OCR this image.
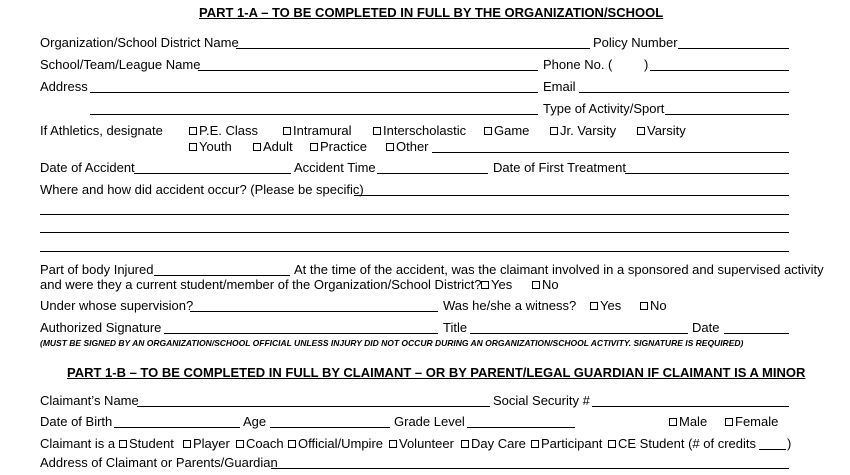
PART 1-A – TO BE COMPLETED IN FULL BY THE ORGANIZATION/SCHOOL
Organization/School District Name	Policy Number
School/Team/League Name	Phone No. ( )
Address	Email
Type of Activity/Sport
If Athletics, designate	P.E. Class	Intramural	Interscholastic	Game	Jr. Varsity	Varsity
Youth	Adult	Practice	Other
Date of Accident	Accident Time	Date of First Treatment
Where and how did accident occur? (Please be specific)
Part of body Injured	At the time of the accident, was the claimant involved in a sponsored and supervised activity
and were they a current student/member of the Organization/School District? Yes	No
Under whose supervision?	Was he/she a witness?	Yes	No
Authorized Signature	Title	Date
(MUST BE SIGNED BY AN ORGANIZATION/SCHOOL OFFICIAL UNLESS INJURY DID NOT OCCUR DURING AN ORGANIZATION/SCHOOL ACTIVITY. SIGNATURE IS REQUIRED)
PART 1-B – TO BE COMPLETED IN FULL BY CLAIMANT – OR BY PARENT/LEGAL GUARDIAN IF CLAIMANT IS A MINOR
Claimant’s Name	Social Security #
Date of Birth	Age	Grade Level	Male	Female
Claimant is a	Student	Player	Coach	Official/Umpire	Volunteer	Day Care	Participant	CE Student (# of credits )
Address of Claimant or Parents/Guardian
